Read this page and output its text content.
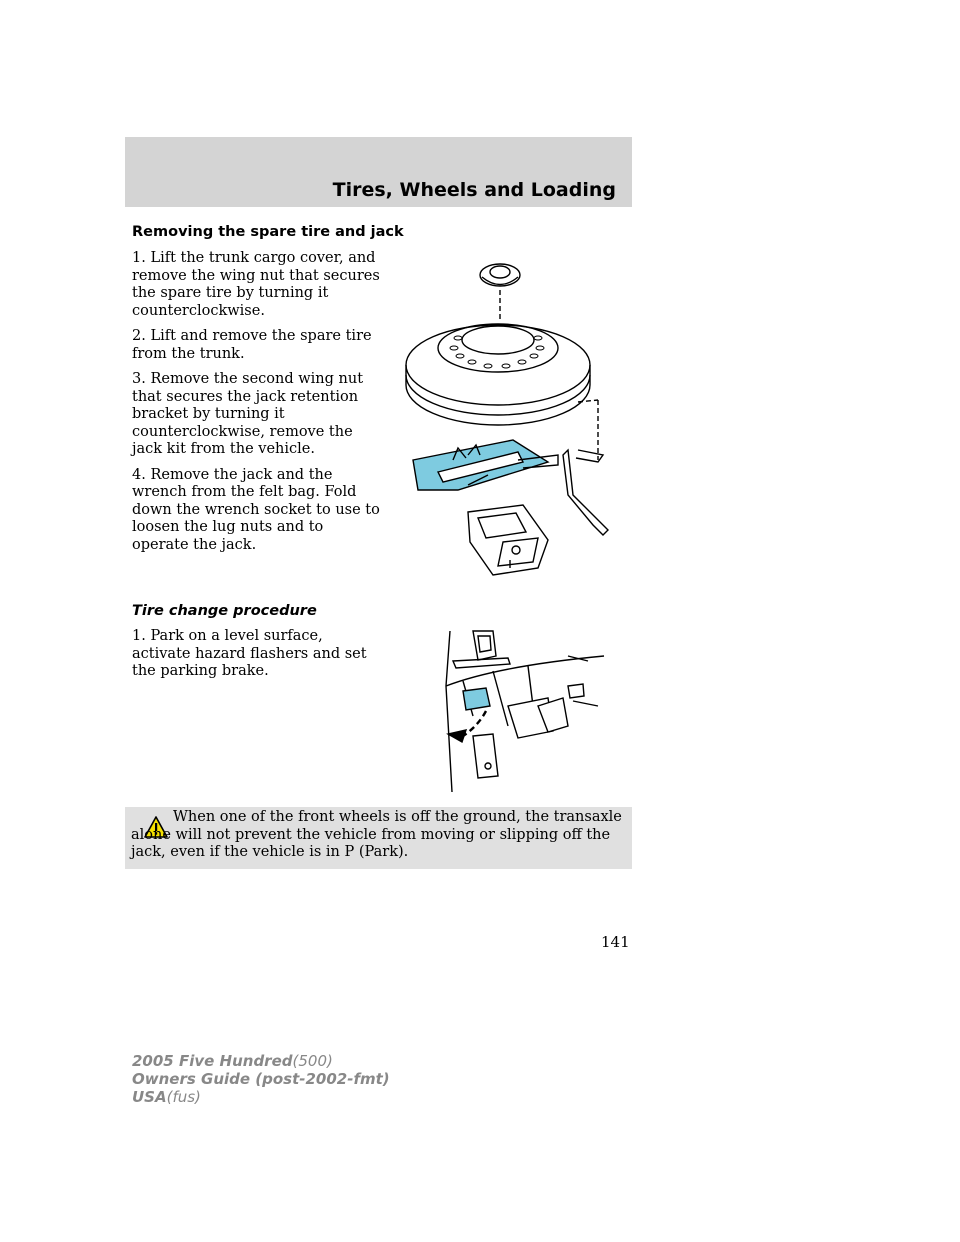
Tires, Wheels and Loading
Removing the spare tire and jack

1. Lift the trunk cargo cover, and remove the wing nut that secures the spare tire by turning it counterclockwise.

2. Lift and remove the spare tire from the trunk.

3. Remove the second wing nut that secures the jack retention bracket by turning it counterclockwise, remove the jack kit from the vehicle.

4. Remove the jack and the wrench from the felt bag. Fold down the wrench socket to use to loosen the lug nuts and to operate the jack.

Tire change procedure

1. Park on a level surface, activate hazard flashers and set the parking brake.

When one of the front wheels is off the ground, the transaxle alone will not prevent the vehicle from moving or slipping off the jack, even if the vehicle is in P (Park).
141
2005 Five Hundred(500)
Owners Guide (post-2002-fmt)
USA(fus)
